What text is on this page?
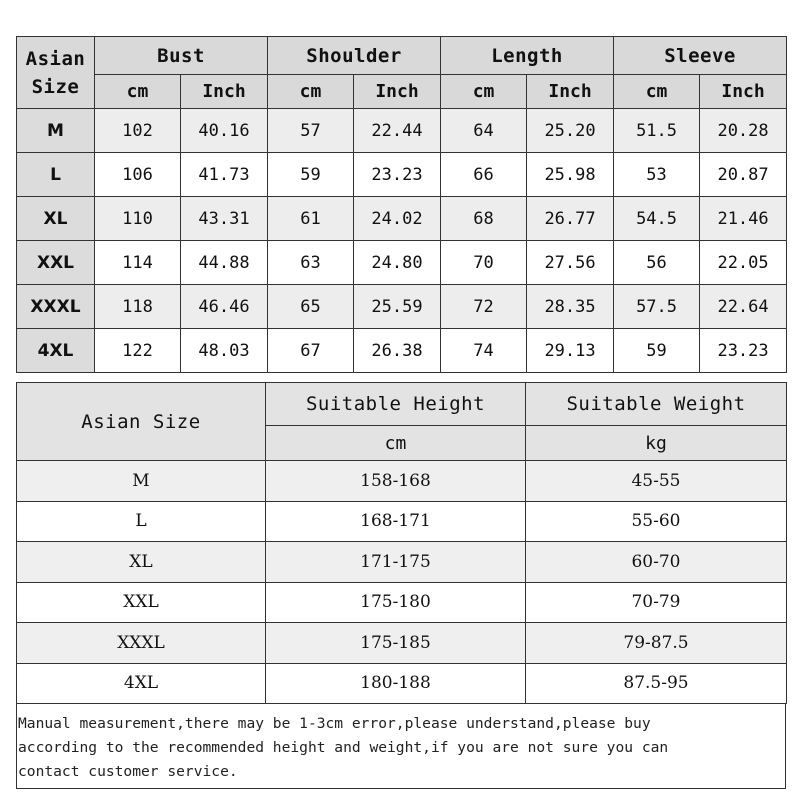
Asian
Size	Bust		Shoulder		Length		Sleeve	
	cm	Inch	cm	Inch	cm	Inch	cm	Inch
M	102	40.16	57	22.44	64	25.20	51.5	20.28
L	106	41.73	59	23.23	66	25.98	53	20.87
XL	110	43.31	61	24.02	68	26.77	54.5	21.46
XXL	114	44.88	63	24.80	70	27.56	56	22.05
XXXL	118	46.46	65	25.59	72	28.35	57.5	22.64
4XL	122	48.03	67	26.38	74	29.13	59	23.23
Asian Size	Suitable Height	Suitable Weight
	cm	kg
M	158-168	45-55
L	168-171	55-60
XL	171-175	60-70
XXL	175-180	70-79
XXXL	175-185	79-87.5
4XL	180-188	87.5-95
Manual measurement,there may be 1-3cm error,please understand,please buy
according to the recommended height and weight,if you are not sure you can
contact customer service.
